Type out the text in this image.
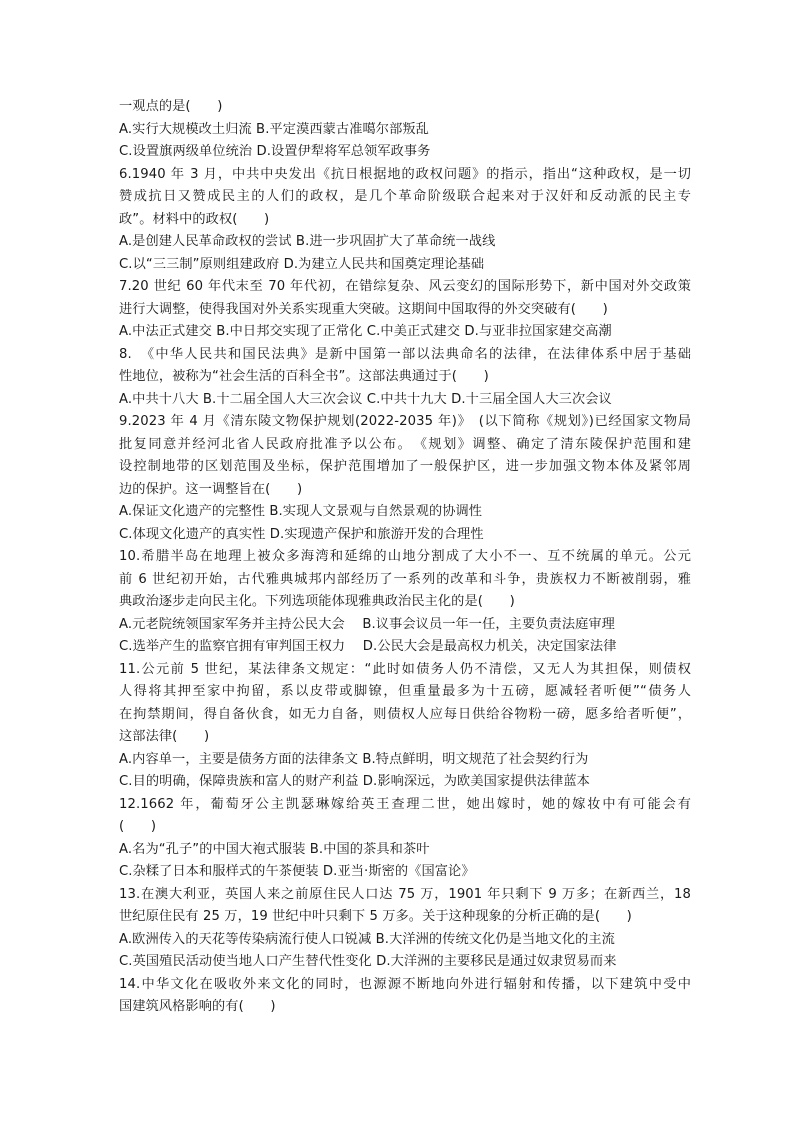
一观点的是(　　)
A.实行大规模改土归流 B.平定漠西蒙古准噶尔部叛乱
C.设置旗两级单位统治 D.设置伊犁将军总领军政事务
6.1940 年 3 月，中共中央发出《抗日根据地的政权问题》的指示，指出“这种政权，是一切
赞成抗日又赞成民主的人们的政权，是几个革命阶级联合起来对于汉奸和反动派的民主专
政”。材料中的政权(　　)
A.是创建人民革命政权的尝试 B.进一步巩固扩大了革命统一战线
C.以“三三制”原则组建政府 D.为建立人民共和国奠定理论基础
7.20 世纪 60 年代末至 70 年代初，在错综复杂、风云变幻的国际形势下，新中国对外交政策
进行大调整，使得我国对外关系实现重大突破。这期间中国取得的外交突破有(　　)
A.中法正式建交 B.中日邦交实现了正常化 C.中美正式建交 D.与亚非拉国家建交高潮
8.　《中华人民共和国民法典》是新中国第一部以法典命名的法律，在法律体系中居于基础
性地位，被称为“社会生活的百科全书”。这部法典通过于(　　)
A.中共十八大 B.十二届全国人大三次会议 C.中共十九大 D.十三届全国人大三次会议
9.2023 年 4 月《清东陵文物保护规划(2022-2035 年)》　(以下简称《规划》)已经国家文物局
批复同意并经河北省人民政府批准予以公布。　《规划》调整、确定了清东陵保护范围和建
设控制地带的区划范围及坐标，保护范围增加了一般保护区，进一步加强文物本体及紧邻周
边的保护。这一调整旨在(　　)
A.保证文化遗产的完整性 B.实现人文景观与自然景观的协调性
C.体现文化遗产的真实性 D.实现遗产保护和旅游开发的合理性
10.希腊半岛在地理上被众多海湾和延绵的山地分割成了大小不一、互不统属的单元。公元
前 6 世纪初开始，古代雅典城邦内部经历了一系列的改革和斗争，贵族权力不断被削弱，雅
典政治逐步走向民主化。下列选项能体现雅典政治民主化的是(　　)
A.元老院统领国家军务并主持公民大会　 B.议事会议员一年一任，主要负责法庭审理
C.选举产生的监察官拥有审判国王权力　 D.公民大会是最高权力机关，决定国家法律
11.公元前 5 世纪，某法律条文规定：“此时如债务人仍不清偿，又无人为其担保，则债权
人得将其押至家中拘留，系以皮带或脚镣，但重量最多为十五磅，愿减轻者听便”“债务人
在拘禁期间，得自备伙食，如无力自备，则债权人应每日供给谷物粉一磅，愿多给者听便”，
这部法律(　　)
A.内容单一，主要是债务方面的法律条文 B.特点鲜明，明文规范了社会契约行为
C.目的明确，保障贵族和富人的财产利益 D.影响深远，为欧美国家提供法律蓝本
12.1662 年，葡萄牙公主凯瑟琳嫁给英王查理二世，她出嫁时，她的嫁妆中有可能会有
(　　)
A.名为“孔子”的中国大袍式服装 B.中国的茶具和茶叶
C.杂糅了日本和服样式的午茶便装 D.亚当·斯密的《国富论》
13.在澳大利亚，英国人来之前原住民人口达 75 万，1901 年只剩下 9 万多；在新西兰，18
世纪原住民有 25 万，19 世纪中叶只剩下 5 万多。关于这种现象的分析正确的是(　　)
A.欧洲传入的天花等传染病流行使人口锐减 B.大洋洲的传统文化仍是当地文化的主流
C.英国殖民活动使当地人口产生替代性变化 D.大洋洲的主要移民是通过奴隶贸易而来
14.中华文化在吸收外来文化的同时，也源源不断地向外进行辐射和传播，以下建筑中受中
国建筑风格影响的有(　　)
